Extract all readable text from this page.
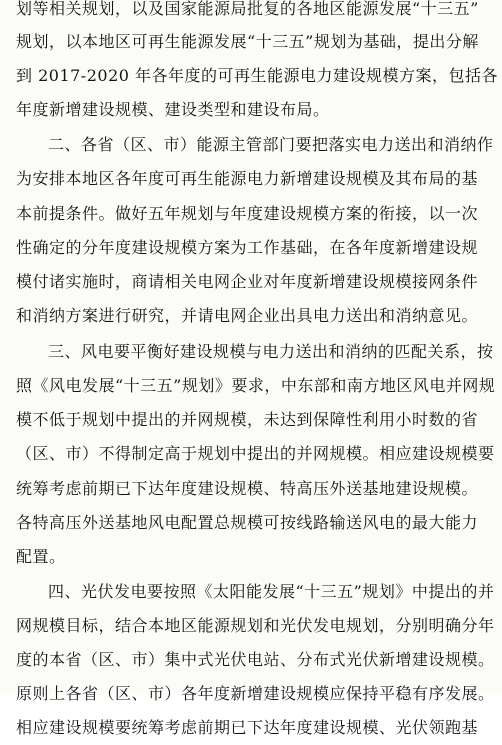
划等相关规划，以及国家能源局批复的各地区能源发展“十三五”
规划，以本地区可再生能源发展“十三五”规划为基础，提出分解
到 2017-2020 年各年度的可再生能源电力建设规模方案，包括各
年度新增建设规模、建设类型和建设布局。
二、各省（区、市）能源主管部门要把落实电力送出和消纳作
为安排本地区各年度可再生能源电力新增建设规模及其布局的基
本前提条件。做好五年规划与年度建设规模方案的衔接，以一次
性确定的分年度建设规模方案为工作基础，在各年度新增建设规
模付诸实施时，商请相关电网企业对年度新增建设规模接网条件
和消纳方案进行研究，并请电网企业出具电力送出和消纳意见。
三、风电要平衡好建设规模与电力送出和消纳的匹配关系，按
照《风电发展“十三五”规划》要求，中东部和南方地区风电并网规
模不低于规划中提出的并网规模，未达到保障性利用小时数的省
（区、市）不得制定高于规划中提出的并网规模。相应建设规模要
统筹考虑前期已下达年度建设规模、特高压外送基地建设规模。
各特高压外送基地风电配置总规模可按线路输送风电的最大能力
配置。
四、光伏发电要按照《太阳能发展“十三五”规划》中提出的并
网规模目标，结合本地区能源规划和光伏发电规划，分别明确分年
度的本省（区、市）集中式光伏电站、分布式光伏新增建设规模。
原则上各省（区、市）各年度新增建设规模应保持平稳有序发展。
相应建设规模要统筹考虑前期已下达年度建设规模、光伏领跑基
